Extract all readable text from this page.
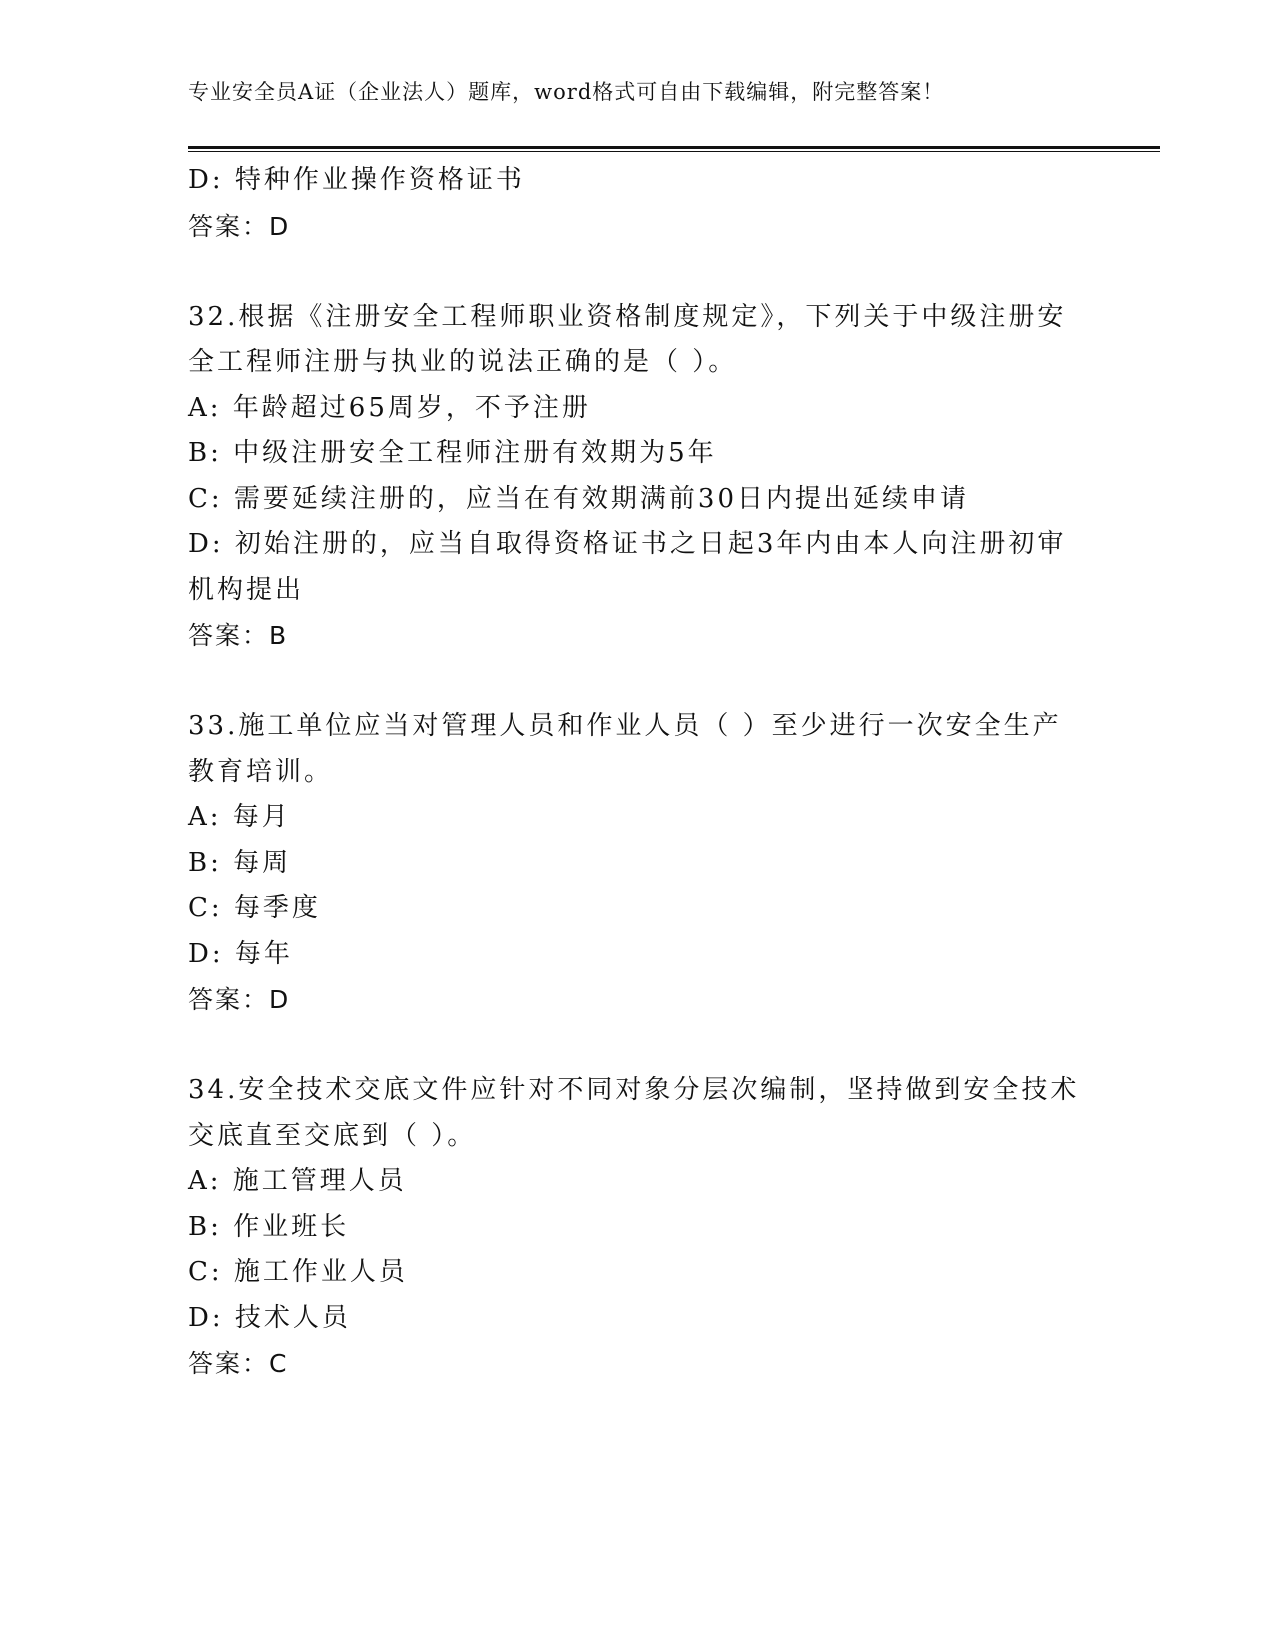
专业安全员A证（企业法人）题库，word格式可自由下载编辑，附完整答案！
D: 特种作业操作资格证书
答案：D
32.根据《注册安全工程师职业资格制度规定》，下列关于中级注册安
全工程师注册与执业的说法正确的是（ ）。
A: 年龄超过65周岁，不予注册
B: 中级注册安全工程师注册有效期为5年
C: 需要延续注册的，应当在有效期满前30日内提出延续申请
D: 初始注册的，应当自取得资格证书之日起3年内由本人向注册初审
机构提出
答案：B
33.施工单位应当对管理人员和作业人员（ ）至少进行一次安全生产
教育培训。
A: 每月
B: 每周
C: 每季度
D: 每年
答案：D
34.安全技术交底文件应针对不同对象分层次编制，坚持做到安全技术
交底直至交底到（ ）。
A: 施工管理人员
B: 作业班长
C: 施工作业人员
D: 技术人员
答案：C
